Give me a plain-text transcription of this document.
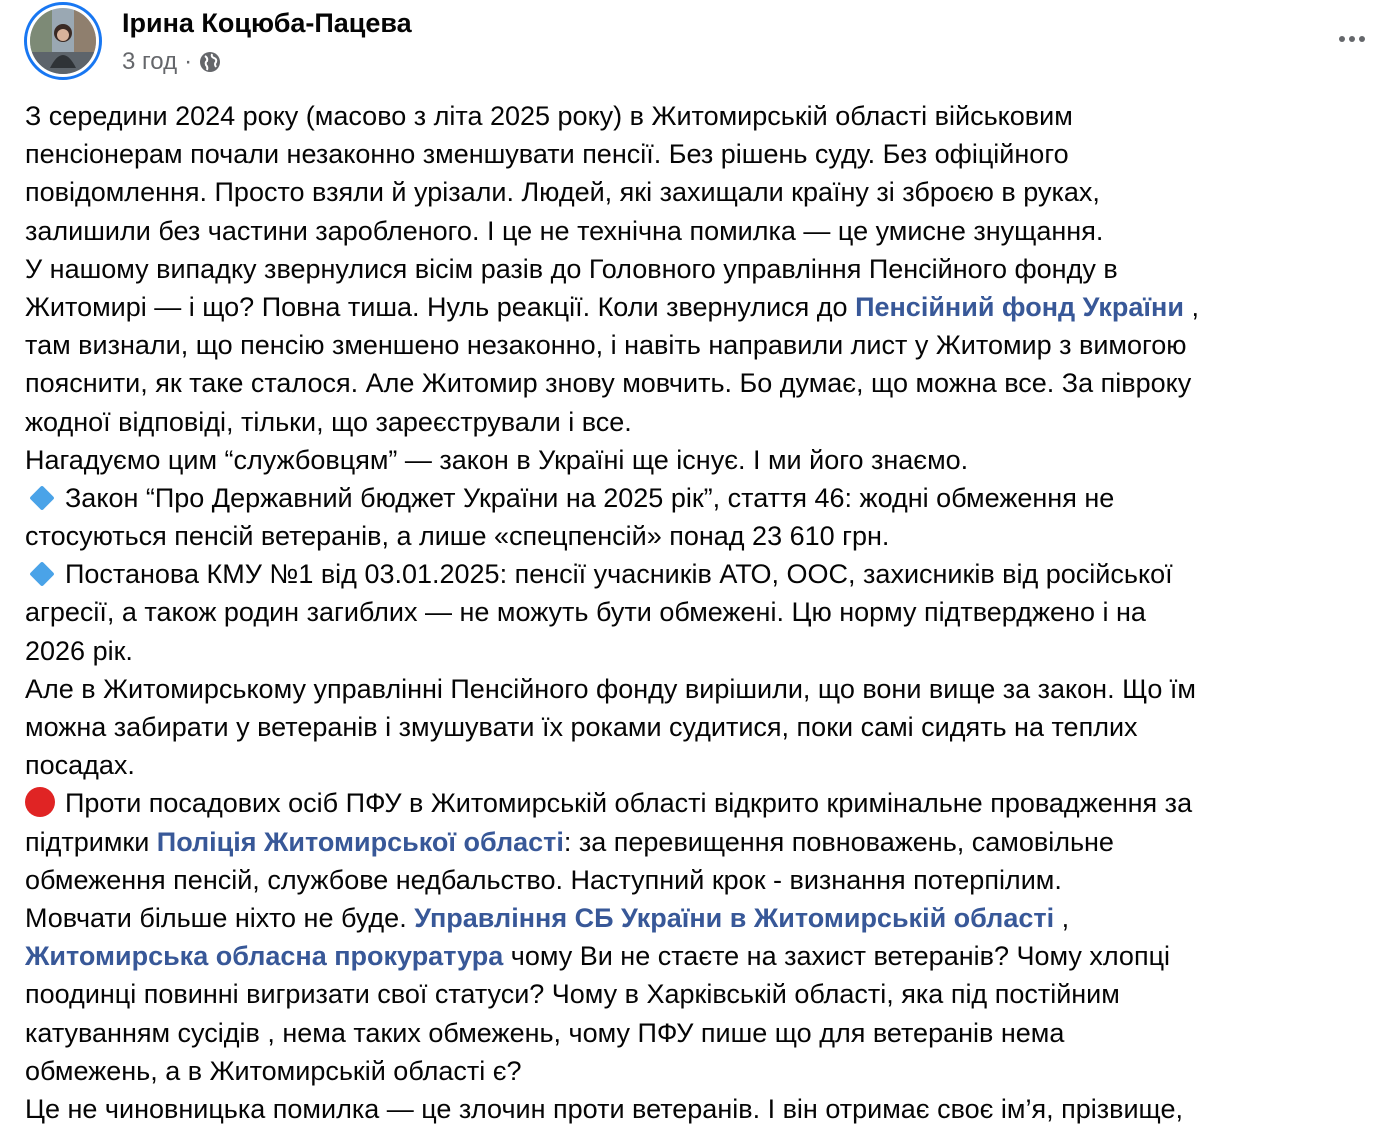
Ірина Коцюба-Пацева
3 год ·
З середини 2024 року (масово з літа 2025 року) в Житомирській області військовим
пенсіонерам почали незаконно зменшувати пенсії. Без рішень суду. Без офіційного
повідомлення. Просто взяли й урізали. Людей, які захищали країну зі зброєю в руках,
залишили без частини заробленого. І це не технічна помилка — це умисне знущання.
У нашому випадку звернулися вісім разів до Головного управління Пенсійного фонду в
Житомирі — і що? Повна тиша. Нуль реакції. Коли звернулися до Пенсійний фонд України ,
там визнали, що пенсію зменшено незаконно, і навіть направили лист у Житомир з вимогою
пояснити, як таке сталося. Але Житомир знову мовчить. Бо думає, що можна все. За півроку
жодної відповіді, тільки, що зареєстрували і все.
Нагадуємо цим “службовцям” — закон в Україні ще існує. І ми його знаємо.
Закон “Про Державний бюджет України на 2025 рік”, стаття 46: жодні обмеження не
стосуються пенсій ветеранів, а лише «спецпенсій» понад 23 610 грн.
Постанова КМУ №1 від 03.01.2025: пенсії учасників АТО, ООС, захисників від російської
агресії, а також родин загиблих — не можуть бути обмежені. Цю норму підтверджено і на
2026 рік.
Але в Житомирському управлінні Пенсійного фонду вирішили, що вони вище за закон. Що їм
можна забирати у ветеранів і змушувати їх роками судитися, поки самі сидять на теплих
посадах.
Проти посадових осіб ПФУ в Житомирській області відкрито кримінальне провадження за
підтримки Поліція Житомирської області: за перевищення повноважень, самовільне
обмеження пенсій, службове недбальство. Наступний крок - визнання потерпілим.
Мовчати більше ніхто не буде. Управління СБ України в Житомирській області ,
Житомирська обласна прокуратура чому Ви не стаєте на захист ветеранів? Чому хлопці
поодинці повинні вигризати свої статуси? Чому в Харківській області, яка під постійним
катуванням сусідів , нема таких обмежень, чому ПФУ пише що для ветеранів нема
обмежень, а в Житомирській області є?
Це не чиновницька помилка — це злочин проти ветеранів. І він отримає своє ім’я, прізвище,
